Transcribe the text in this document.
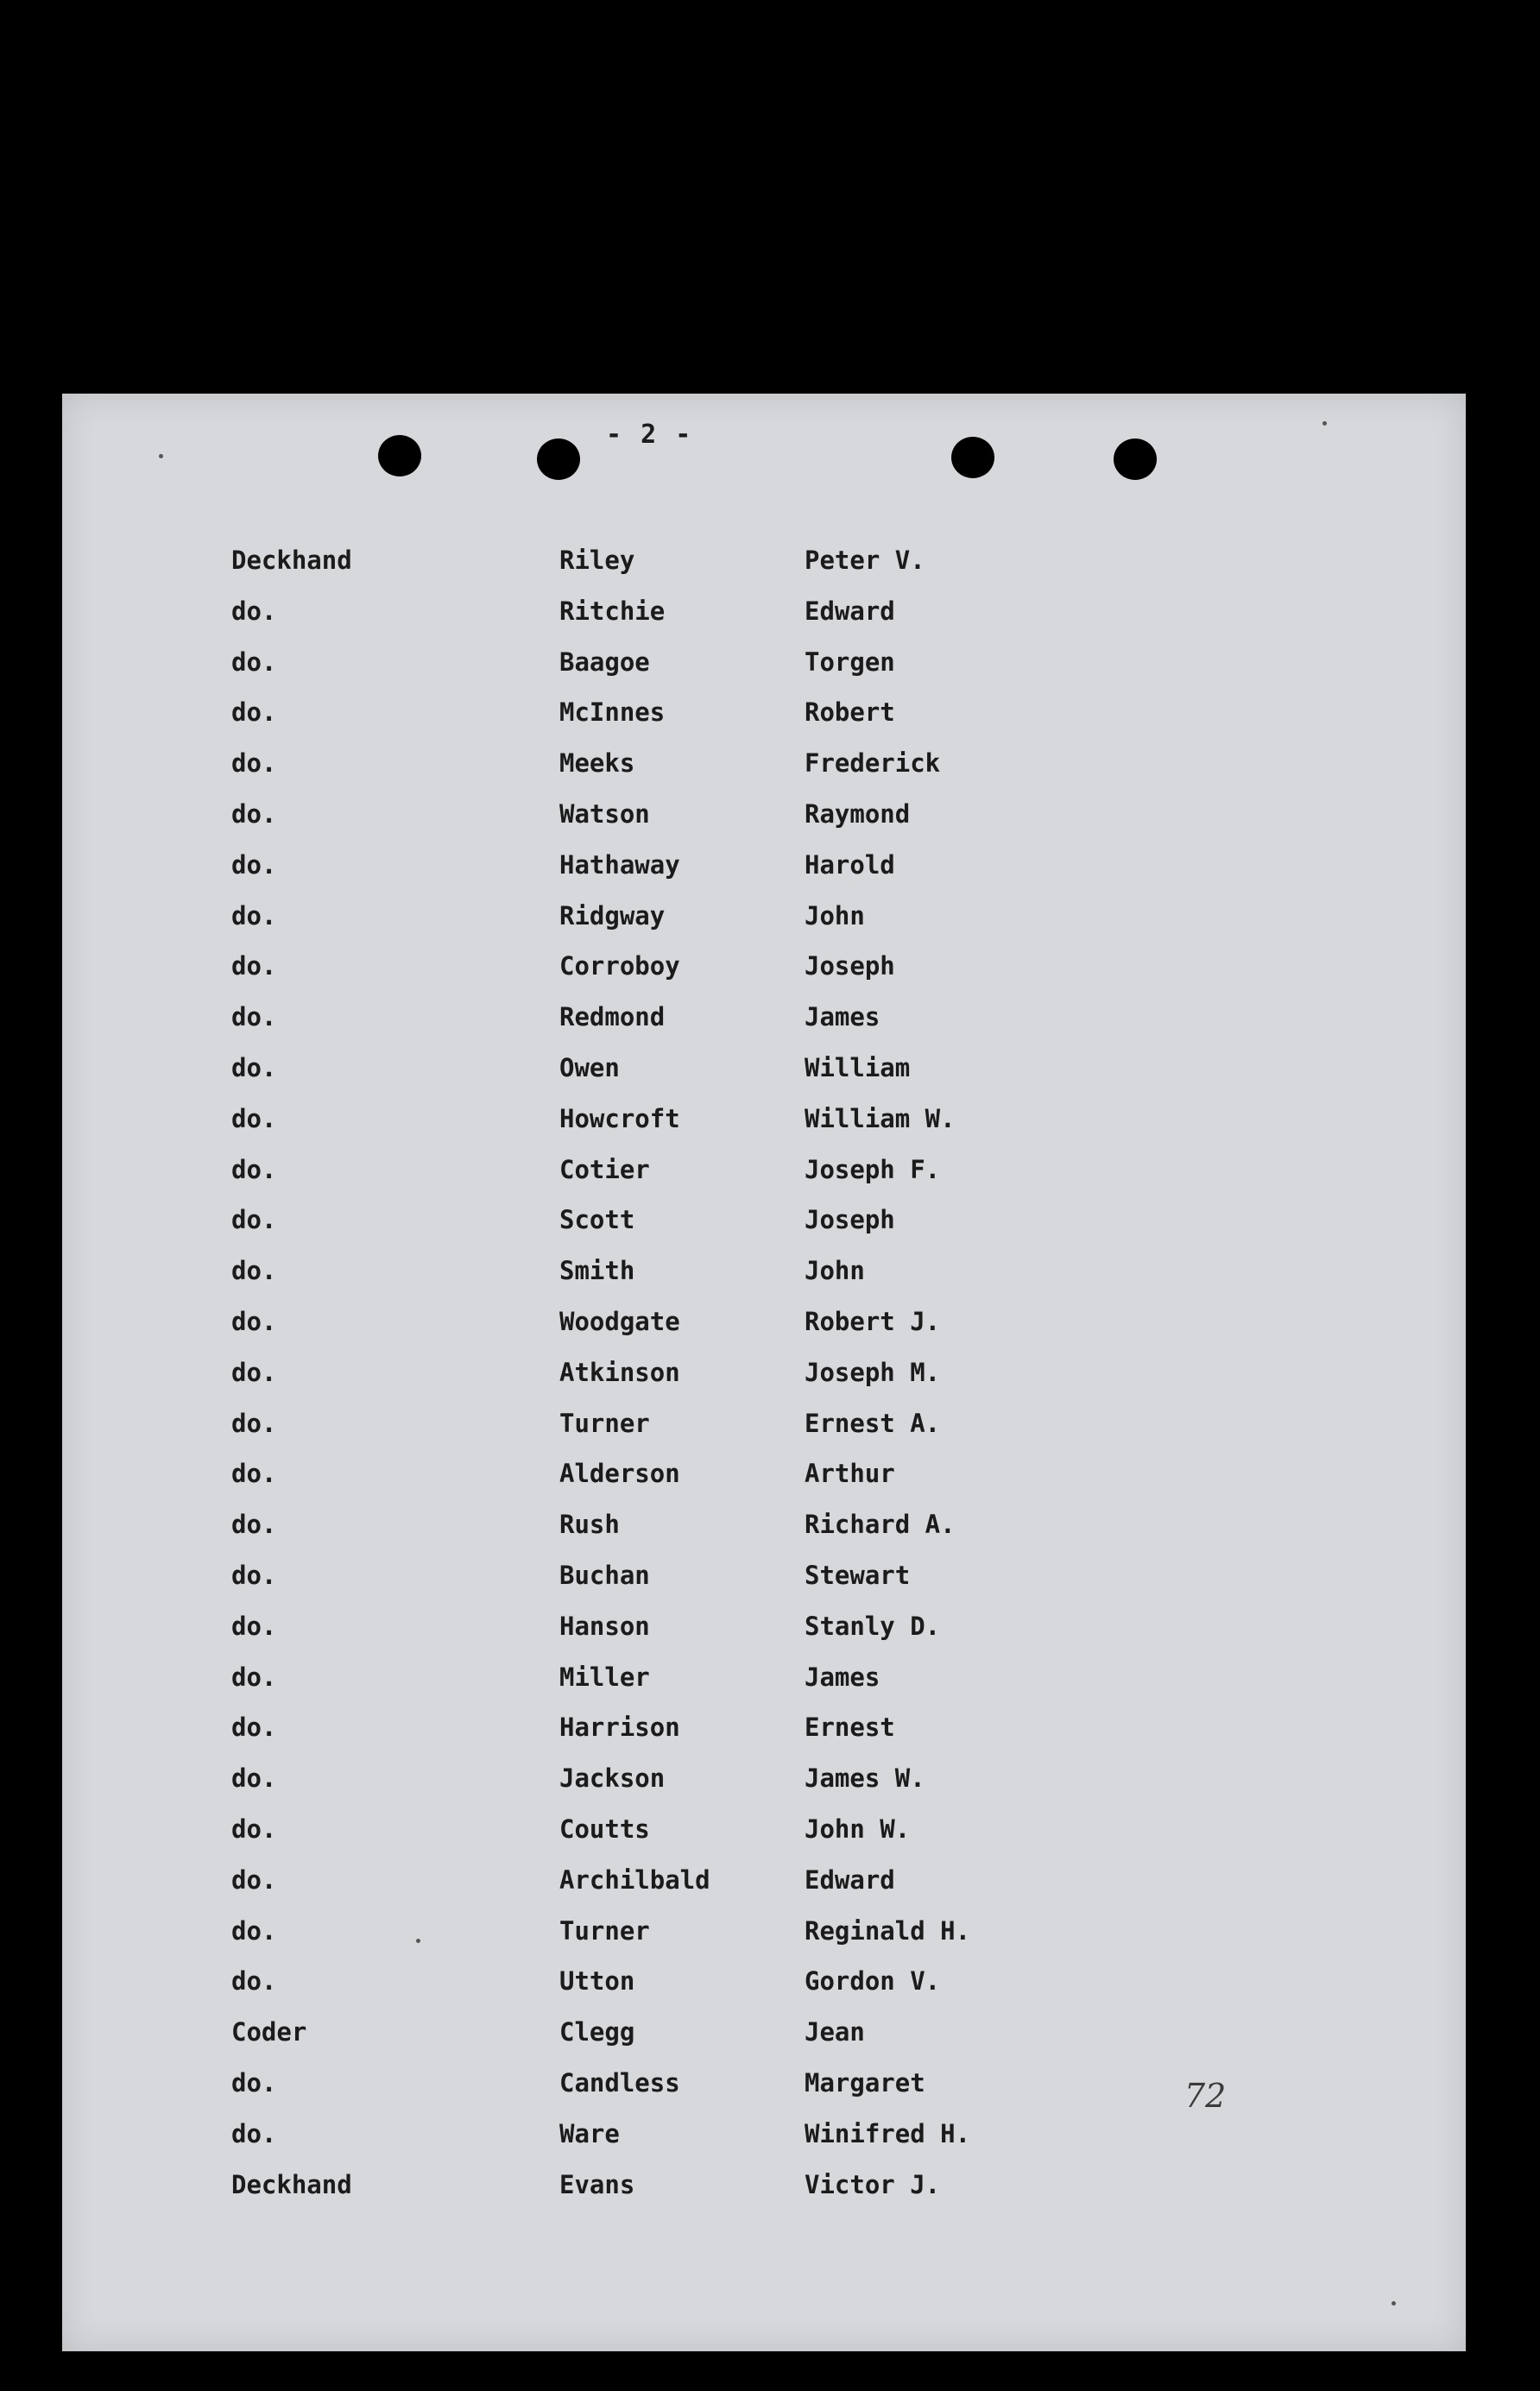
- 2 -
Deckhand	Riley	Peter V.
do.	Ritchie	Edward
do.	Baagoe	Torgen
do.	McInnes	Robert
do.	Meeks	Frederick
do.	Watson	Raymond
do.	Hathaway	Harold
do.	Ridgway	John
do.	Corroboy	Joseph
do.	Redmond	James
do.	Owen	William
do.	Howcroft	William W.
do.	Cotier	Joseph F.
do.	Scott	Joseph
do.	Smith	John
do.	Woodgate	Robert J.
do.	Atkinson	Joseph M.
do.	Turner	Ernest A.
do.	Alderson	Arthur
do.	Rush	Richard A.
do.	Buchan	Stewart
do.	Hanson	Stanly D.
do.	Miller	James
do.	Harrison	Ernest
do.	Jackson	James W.
do.	Coutts	John W.
do.	Archilbald	Edward
do.	Turner	Reginald H.
do.	Utton	Gordon V.
Coder	Clegg	Jean
do.	Candless	Margaret
do.	Ware	Winifred H.
Deckhand	Evans	Victor J.
72
